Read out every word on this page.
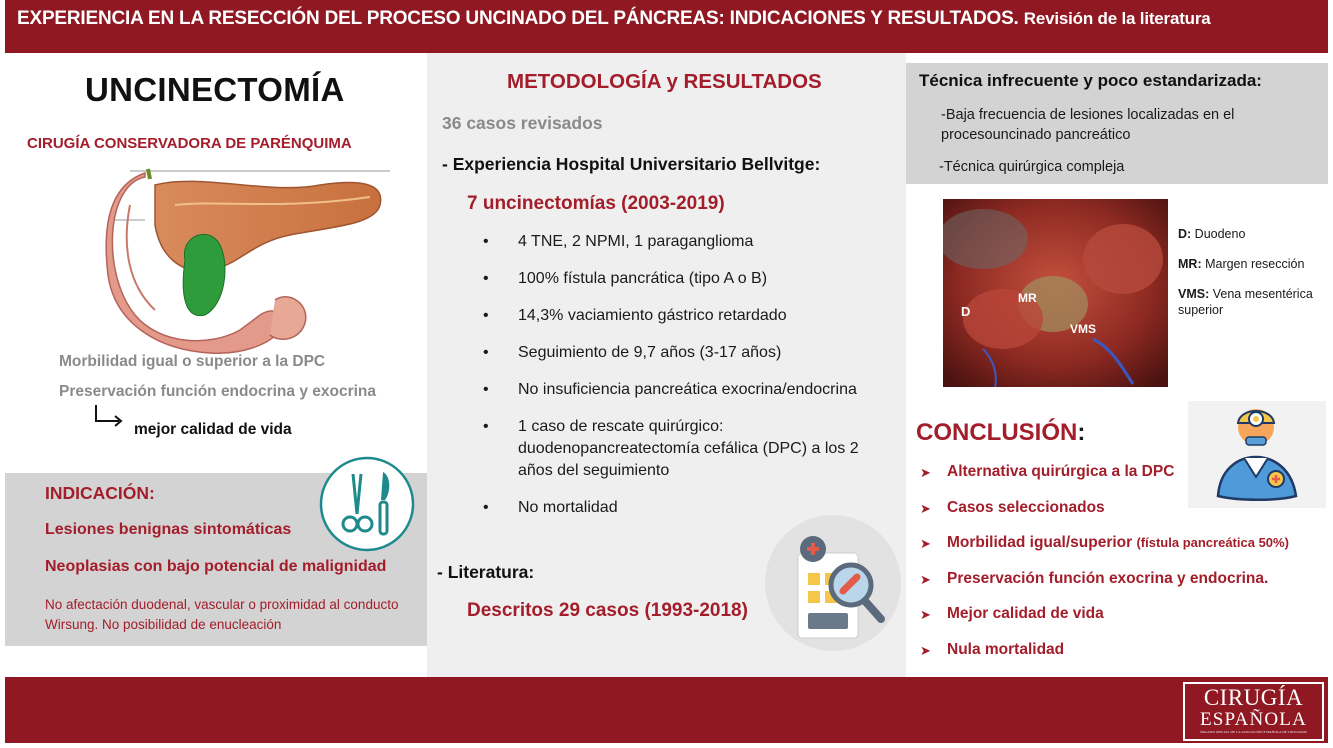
EXPERIENCIA EN LA RESECCIÓN DEL PROCESO UNCINADO DEL PÁNCREAS: INDICACIONES Y RESULTADOS. Revisión de la literatura
UNCINECTOMÍA
CIRUGÍA CONSERVADORA DE PARÉNQUIMA
Morbilidad igual o superior a la DPC
Preservación función endocrina y exocrina
mejor calidad de vida
INDICACIÓN:
Lesiones benignas sintomáticas
Neoplasias con bajo potencial de malignidad
No afectación duodenal, vascular o proximidad al conducto Wirsung. No posibilidad de enucleación
METODOLOGÍA y RESULTADOS
36 casos revisados
- Experiencia Hospital Universitario Bellvitge:
7 uncinectomías (2003-2019)
• 4 TNE, 2 NPMI, 1 paraganglioma
• 100% fístula pancrática (tipo A o B)
• 14,3% vaciamiento gástrico retardado
• Seguimiento de 9,7 años (3-17 años)
• No insuficiencia pancreática exocrina/endocrina
• 1 caso de rescate quirúrgico: duodenopancreatectomía cefálica (DPC) a los 2 años del seguimiento
• No mortalidad
- Literatura:
Descritos 29 casos (1993-2018)
Técnica infrecuente y poco estandarizada:
-Baja frecuencia de lesiones localizadas en el procesouncinado pancreático
-Técnica quirúrgica compleja
D
MR
VMS
D: Duodeno
MR: Margen resección
VMS: Vena mesentérica superior
CONCLUSIÓN:
➤ Alternativa quirúrgica a la DPC
➤ Casos seleccionados
➤ Morbilidad igual/superior (fístula pancreática 50%)
➤ Preservación función exocrina y endocrina.
➤ Mejor calidad de vida
➤ Nula mortalidad
CIRUGÍA
ESPAÑOLA
ÓRGANO OFICIAL DE LA ASOCIACIÓN ESPAÑOLA DE CIRUJANOS
